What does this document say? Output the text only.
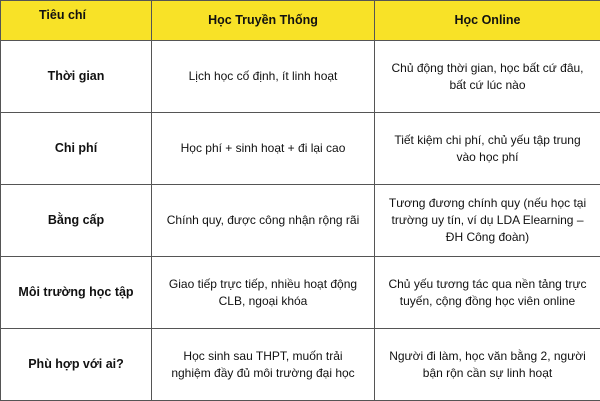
Tiêu chí	Học Truyền Thống	Học Online
Thời gian	Lịch học cố định, ít linh hoạt	Chủ động thời gian, học bất cứ đâu, bất cứ lúc nào
Chi phí	Học phí + sinh hoạt + đi lại cao	Tiết kiệm chi phí, chủ yếu tập trung vào học phí
Bằng cấp	Chính quy, được công nhận rộng rãi	Tương đương chính quy (nếu học tại trường uy tín, ví dụ LDA Elearning – ĐH Công đoàn)
Môi trường học tập	Giao tiếp trực tiếp, nhiều hoạt động CLB, ngoại khóa	Chủ yếu tương tác qua nền tảng trực tuyến, cộng đồng học viên online
Phù hợp với ai?	Học sinh sau THPT, muốn trải nghiệm đầy đủ môi trường đại học	Người đi làm, học văn bằng 2, người bận rộn cần sự linh hoạt
